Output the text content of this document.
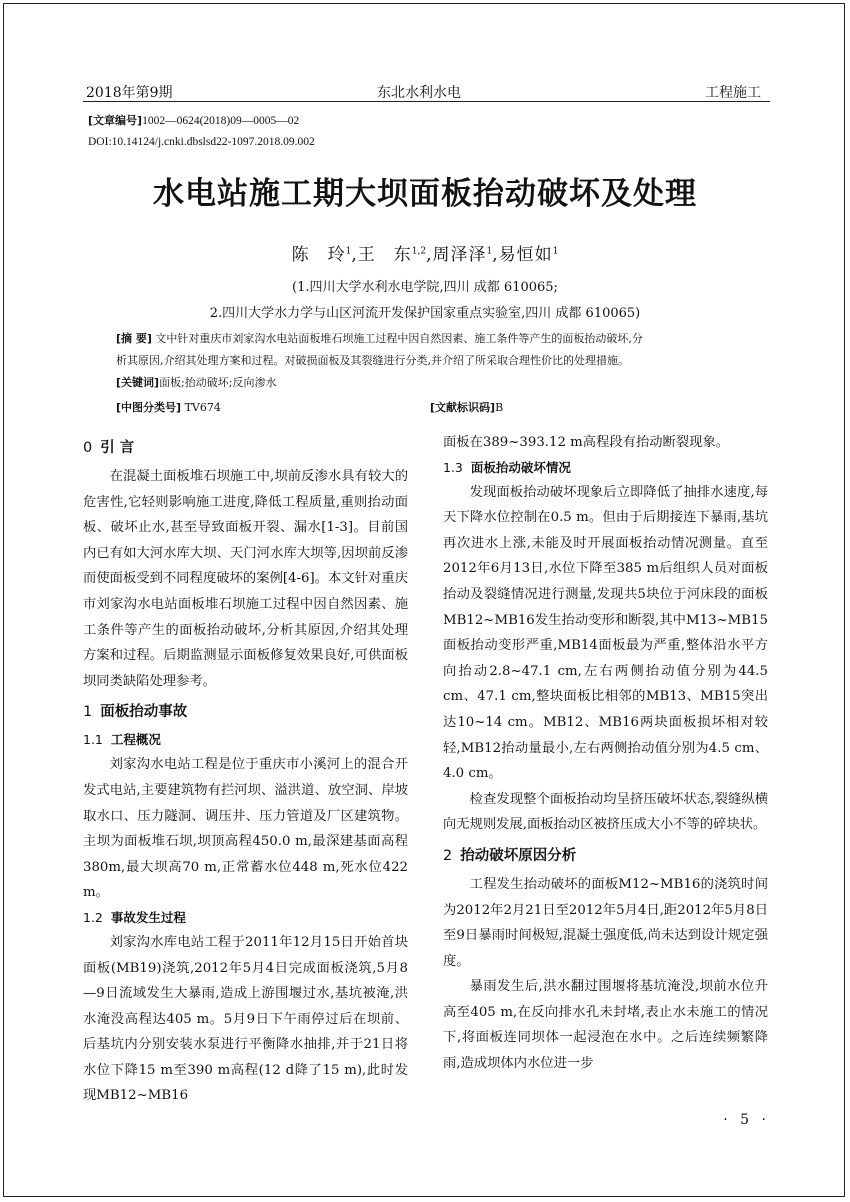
2018年第9期	东北水利水电	工程施工
[文章编号]1002—0624(2018)09—0005—02
DOI:10.14124/j.cnki.dbslsd22-1097.2018.09.002
水电站施工期大坝面板抬动破坏及处理
陈　玲$^1$,王　东$^{1,2}$,周泽泽$^1$,易恒如$^1$
(1.四川大学水利水电学院,四川 成都 610065;
2.四川大学水力学与山区河流开发保护国家重点实验室,四川 成都 610065)
[摘 要] 文中针对重庆市刘家沟水电站面板堆石坝施工过程中因自然因素、施工条件等产生的面板抬动破坏,分
析其原因,介绍其处理方案和过程。对破损面板及其裂缝进行分类,并介绍了所采取合理性价比的处理措施。
[关键词]面板;抬动破坏;反向渗水
[中图分类号] TV674	[文献标识码]B
0 引 言

在混凝土面板堆石坝施工中,坝前反渗水具有较大的危害性,它轻则影响施工进度,降低工程质量,重则抬动面板、破坏止水,甚至导致面板开裂、漏水[1-3]。目前国内已有如大河水库大坝、天门河水库大坝等,因坝前反渗而使面板受到不同程度破坏的案例[4-6]。本文针对重庆市刘家沟水电站面板堆石坝施工过程中因自然因素、施工条件等产生的面板抬动破坏,分析其原因,介绍其处理方案和过程。后期监测显示面板修复效果良好,可供面板坝同类缺陷处理参考。

1 面板抬动事故
1.1 工程概况

刘家沟水电站工程是位于重庆市小溪河上的混合开发式电站,主要建筑物有拦河坝、溢洪道、放空洞、岸坡取水口、压力隧洞、调压井、压力管道及厂区建筑物。主坝为面板堆石坝,坝顶高程450.0 m,最深建基面高程380m,最大坝高70 m,正常蓄水位448 m,死水位422 m。

1.2 事故发生过程

刘家沟水库电站工程于2011年12月15日开始首块面板(MB19)浇筑,2012年5月4日完成面板浇筑,5月8—9日流域发生大暴雨,造成上游围堰过水,基坑被淹,洪水淹没高程达405 m。5月9日下午雨停过后在坝前、后基坑内分别安装水泵进行平衡降水抽排,并于21日将水位下降15 m至390 m高程(12 d降了15 m),此时发现MB12~MB16

面板在389~393.12 m高程段有抬动断裂现象。

1.3 面板抬动破坏情况

发现面板抬动破坏现象后立即降低了抽排水速度,每天下降水位控制在0.5 m。但由于后期接连下暴雨,基坑再次进水上涨,未能及时开展面板抬动情况测量。直至2012年6月13日,水位下降至385 m后组织人员对面板抬动及裂缝情况进行测量,发现共5块位于河床段的面板MB12~MB16发生抬动变形和断裂,其中M13~MB15面板抬动变形严重,MB14面板最为严重,整体沿水平方向抬动2.8~47.1 cm,左右两侧抬动值分别为44.5 cm、47.1 cm,整块面板比相邻的MB13、MB15突出达10~14 cm。MB12、MB16两块面板损坏相对较轻,MB12抬动量最小,左右两侧抬动值分别为4.5 cm、4.0 cm。

检查发现整个面板抬动均呈挤压破坏状态,裂缝纵横向无规则发展,面板抬动区被挤压成大小不等的碎块状。

2 抬动破坏原因分析

工程发生抬动破坏的面板M12~MB16的浇筑时间为2012年2月21日至2012年5月4日,距2012年5月8日至9日暴雨时间极短,混凝土强度低,尚未达到设计规定强度。

暴雨发生后,洪水翻过围堰将基坑淹没,坝前水位升高至405 m,在反向排水孔未封堵,表止水未施工的情况下,将面板连同坝体一起浸泡在水中。之后连续频繁降雨,造成坝体内水位进一步

· 5 ·
